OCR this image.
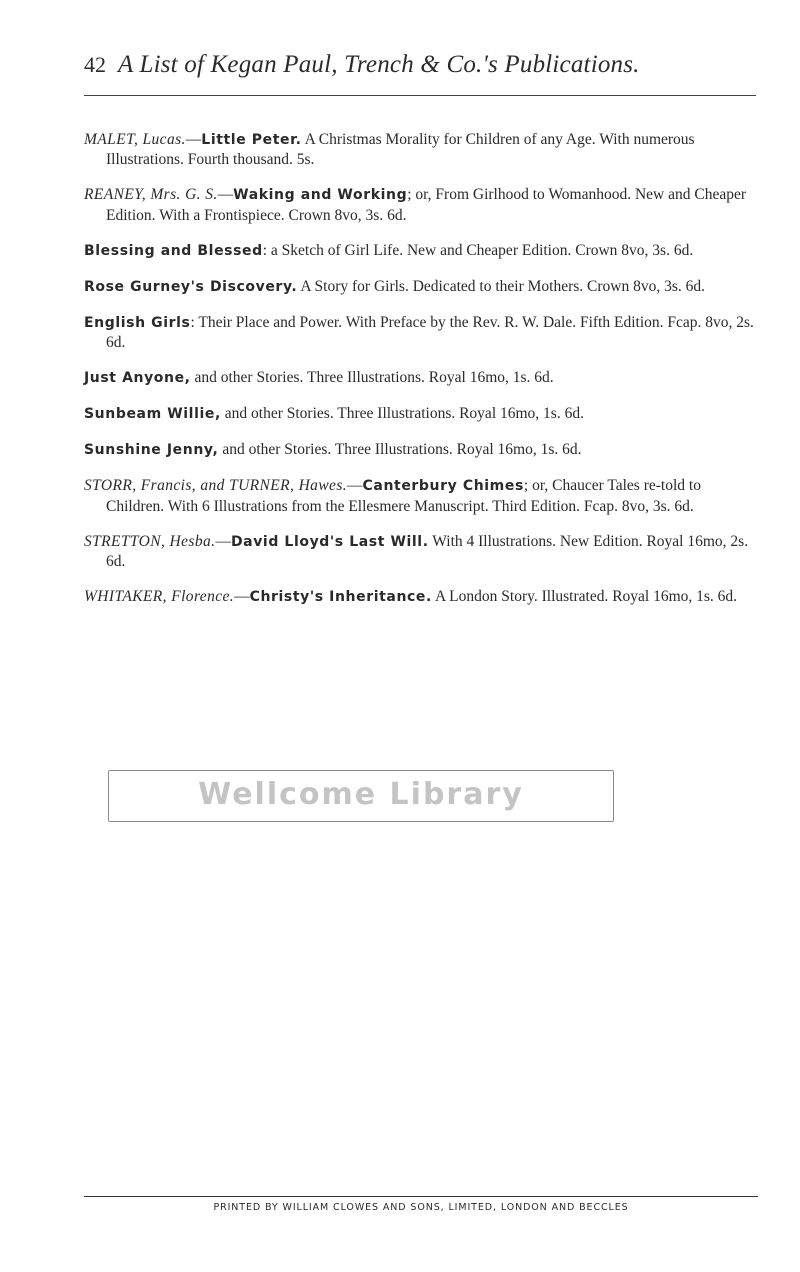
42 A List of Kegan Paul, Trench & Co.'s Publications.

MALET, Lucas.—Little Peter. A Christmas Morality for Children of any Age. With numerous Illustrations. Fourth thousand. 5s.

REANEY, Mrs. G. S.—Waking and Working; or, From Girlhood to Womanhood. New and Cheaper Edition. With a Frontispiece. Crown 8vo, 3s. 6d.

Blessing and Blessed: a Sketch of Girl Life. New and Cheaper Edition. Crown 8vo, 3s. 6d.

Rose Gurney's Discovery. A Story for Girls. Dedicated to their Mothers. Crown 8vo, 3s. 6d.

English Girls: Their Place and Power. With Preface by the Rev. R. W. Dale. Fifth Edition. Fcap. 8vo, 2s. 6d.

Just Anyone, and other Stories. Three Illustrations. Royal 16mo, 1s. 6d.

Sunbeam Willie, and other Stories. Three Illustrations. Royal 16mo, 1s. 6d.

Sunshine Jenny, and other Stories. Three Illustrations. Royal 16mo, 1s. 6d.

STORR, Francis, and TURNER, Hawes.—Canterbury Chimes; or, Chaucer Tales re-told to Children. With 6 Illustrations from the Ellesmere Manuscript. Third Edition. Fcap. 8vo, 3s. 6d.

STRETTON, Hesba.—David Lloyd's Last Will. With 4 Illustrations. New Edition. Royal 16mo, 2s. 6d.

WHITAKER, Florence.—Christy's Inheritance. A London Story. Illustrated. Royal 16mo, 1s. 6d.

Wellcome Library
PRINTED BY WILLIAM CLOWES AND SONS, LIMITED, LONDON AND BECCLES
